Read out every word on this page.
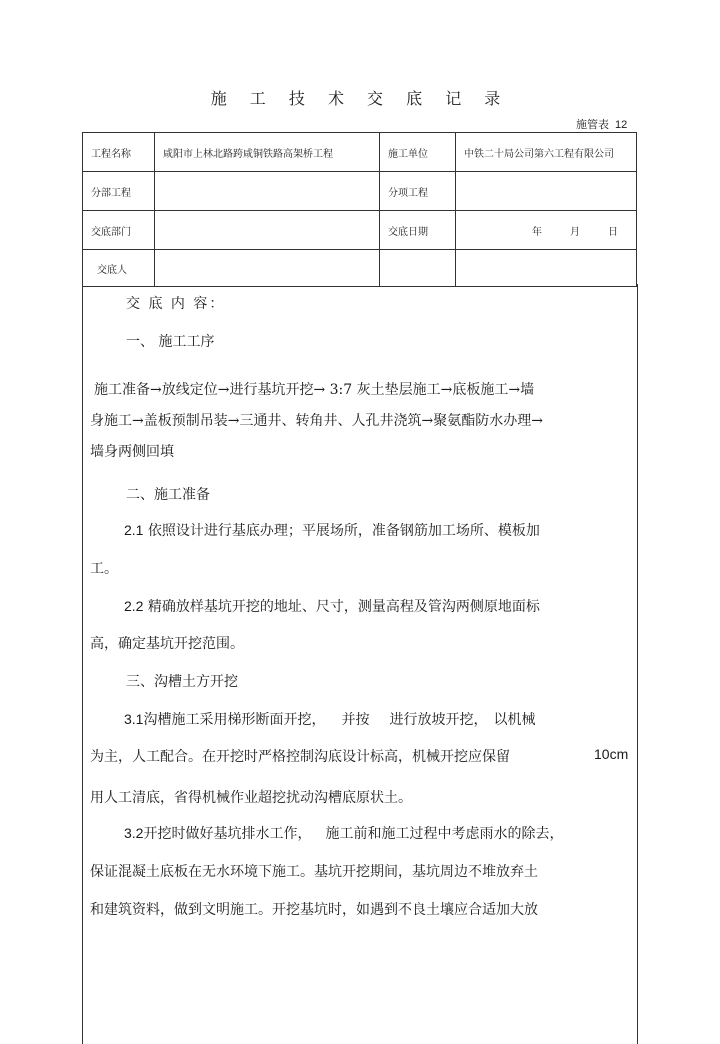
施 工 技 术 交 底 记 录
施管表 12
工程名称	咸阳市上林北路跨咸铜铁路高架桥工程	施工单位	中铁二十局公司第六工程有限公司
分部工程		分项工程	
交底部门		交底日期	年 月 日
交底人			
交 底 内 容：
一、 施工工序
施工准备→放线定位→进行基坑开挖→ 3:7 灰土垫层施工→底板施工→墙
身施工→盖板预制吊装→三通井、转角井、人孔井浇筑→聚氨酯防水办理→
墙身两侧回填
二、施工准备
2.1 依照设计进行基底办理；平展场所，准备钢筋加工场所、模板加
工。
2.2 精确放样基坑开挖的地址、尺寸，测量高程及管沟两侧原地面标
高，确定基坑开挖范围。
三、沟槽土方开挖
3.1沟槽施工采用梯形断面开挖， 并按 进行放坡开挖， 以机械
为主，人工配合。在开挖时严格控制沟底设计标高，机械开挖应保留	10cm
用人工清底，省得机械作业超挖扰动沟槽底原状土。
3.2开挖时做好基坑排水工作， 施工前和施工过程中考虑雨水的除去，
保证混凝土底板在无水环境下施工。基坑开挖期间，基坑周边不堆放弃土
和建筑资料，做到文明施工。开挖基坑时，如遇到不良土壤应合适加大放
